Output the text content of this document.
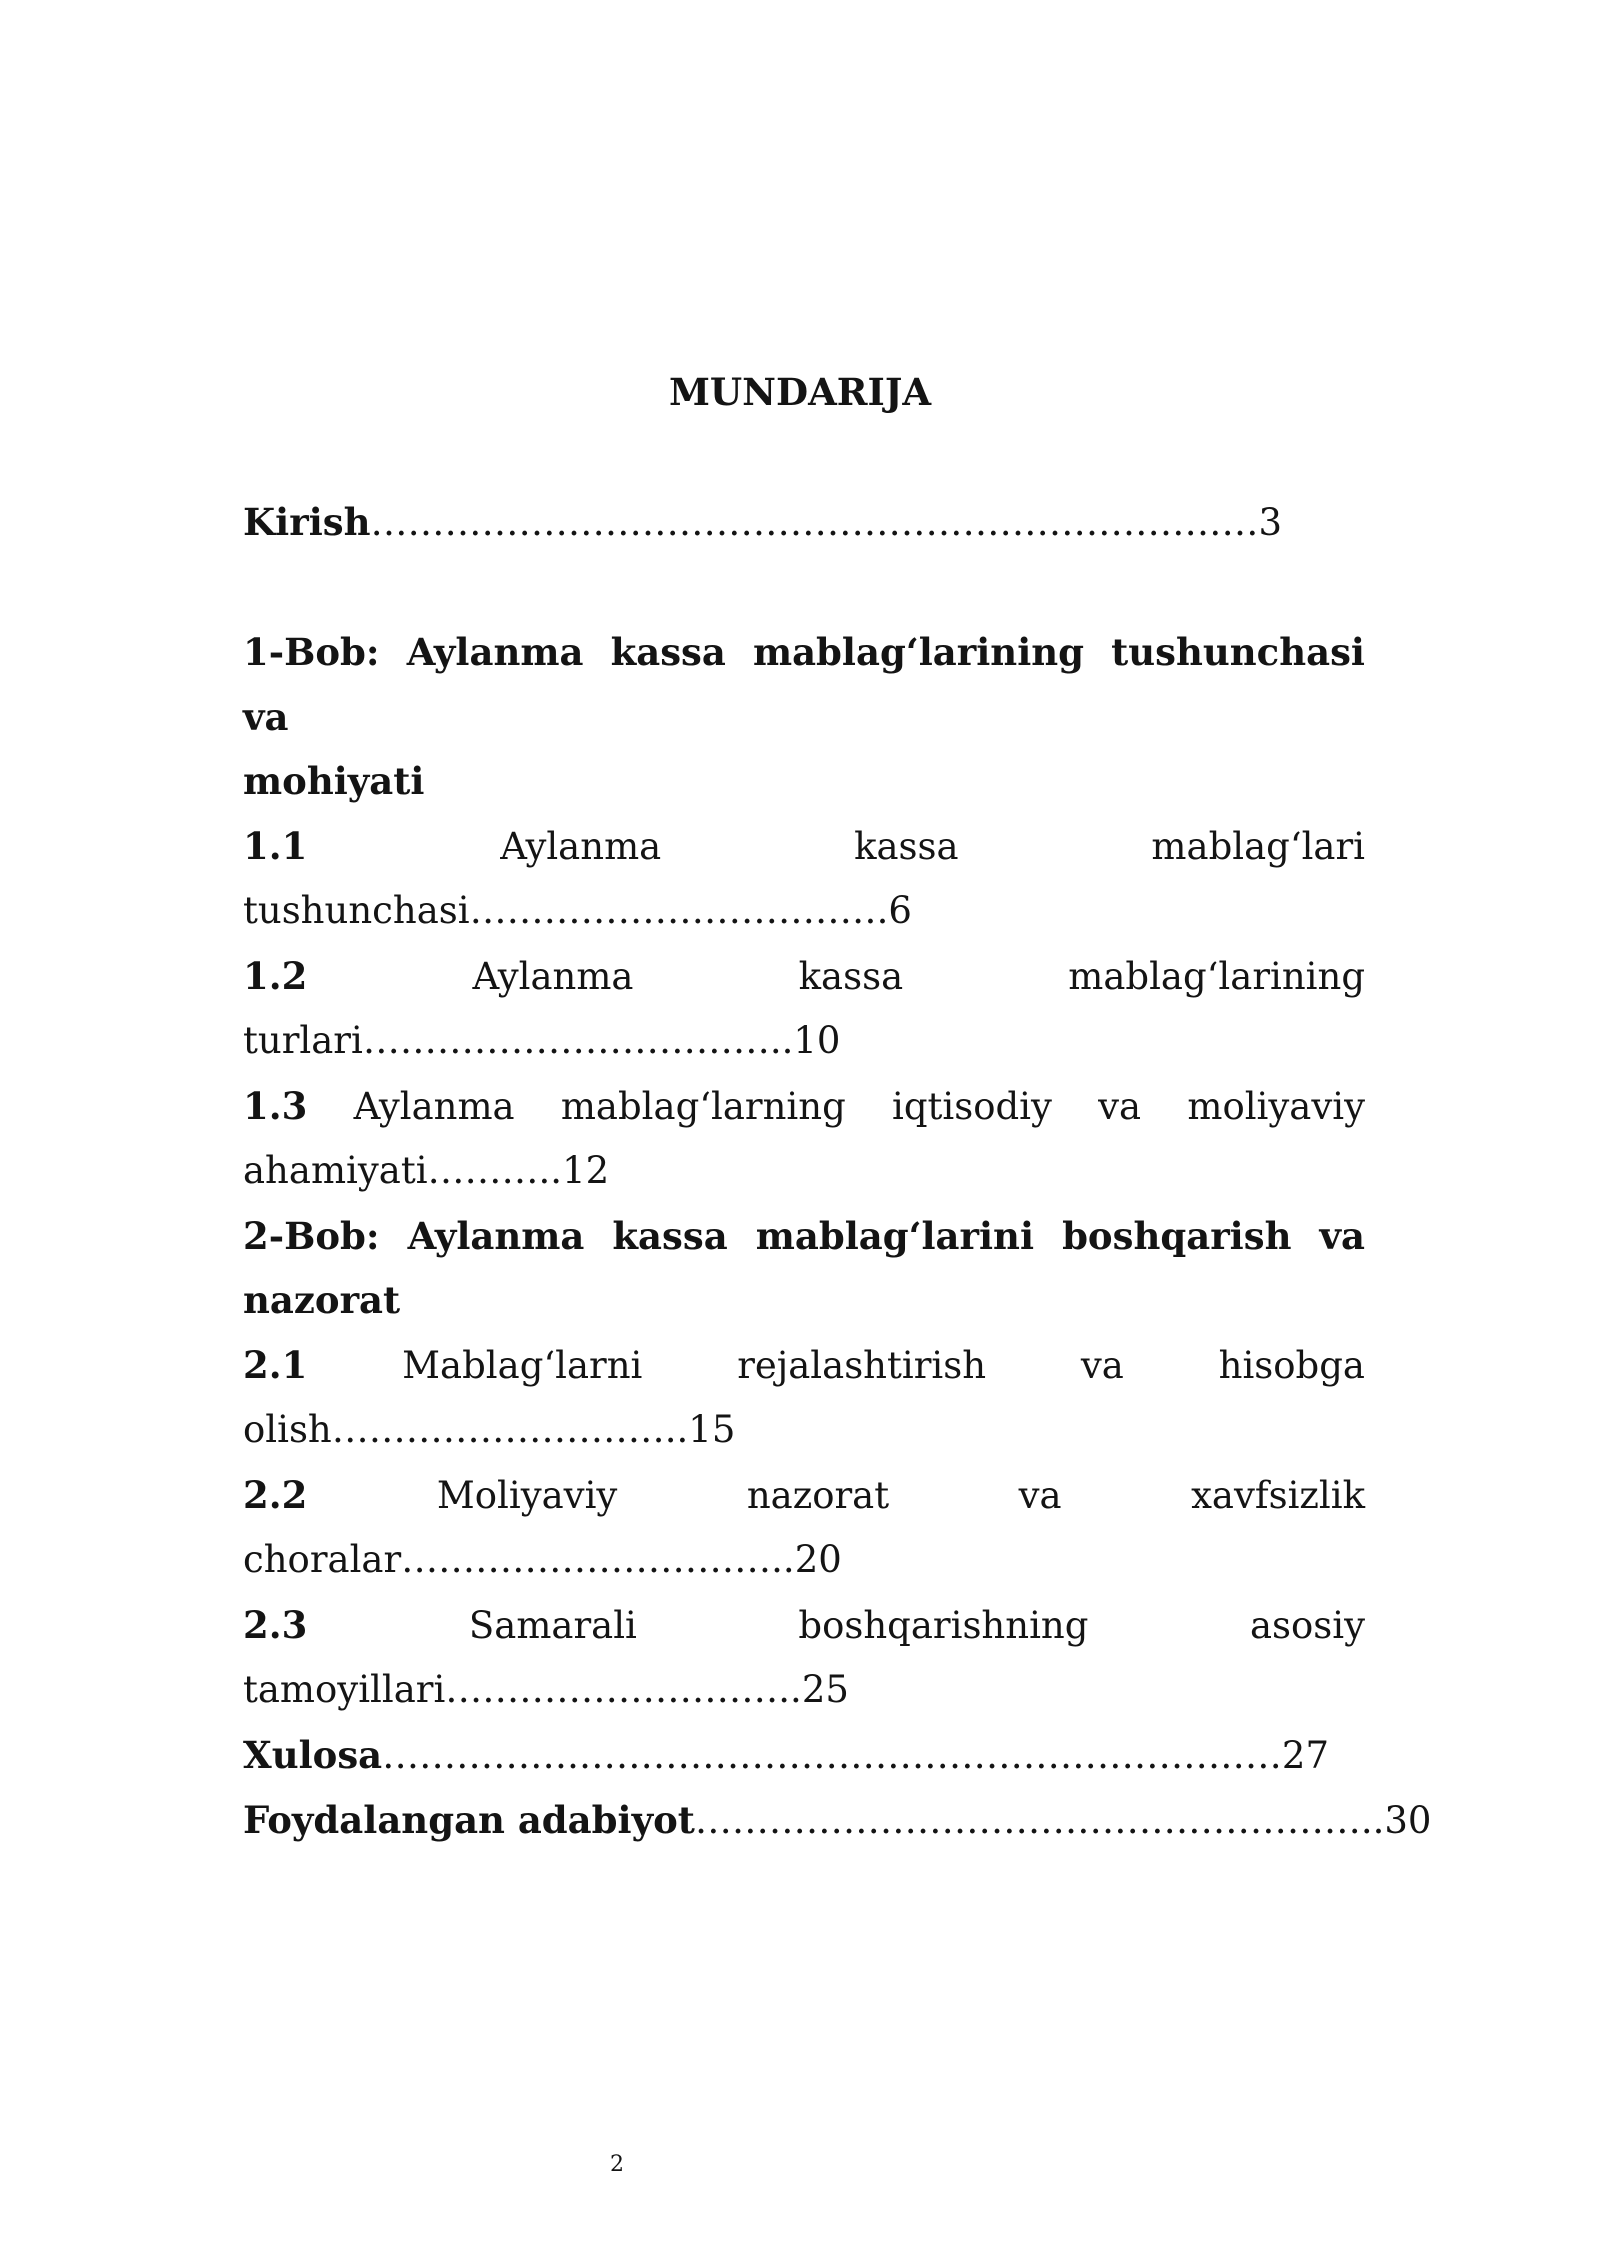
MUNDARIJA
Kirish………………………………………………………………3
1-Bob: Aylanma kassa mablag‘larining tushunchasi va
mohiyati
1.1	Aylanma	kassa	mablag‘lari
tushunchasi…………………………….6
1.2	Aylanma	kassa	mablag‘larining
turlari……………………………..10
1.3 Aylanma mablag‘larning iqtisodiy va moliyaviy
ahamiyati………..12
2-Bob: Aylanma kassa mablag‘larini boshqarish va
nazorat
2.1	Mablag‘larni	rejalashtirish	va	hisobga
olish………………………..15
2.2	Moliyaviy	nazorat	va	xavfsizlik
choralar…………………………..20
2.3	Samarali	boshqarishning	asosiy
tamoyillari………………………..25
Xulosa…………….…………………………………………………27
Foydalangan adabiyot………………………………………………..30
2
